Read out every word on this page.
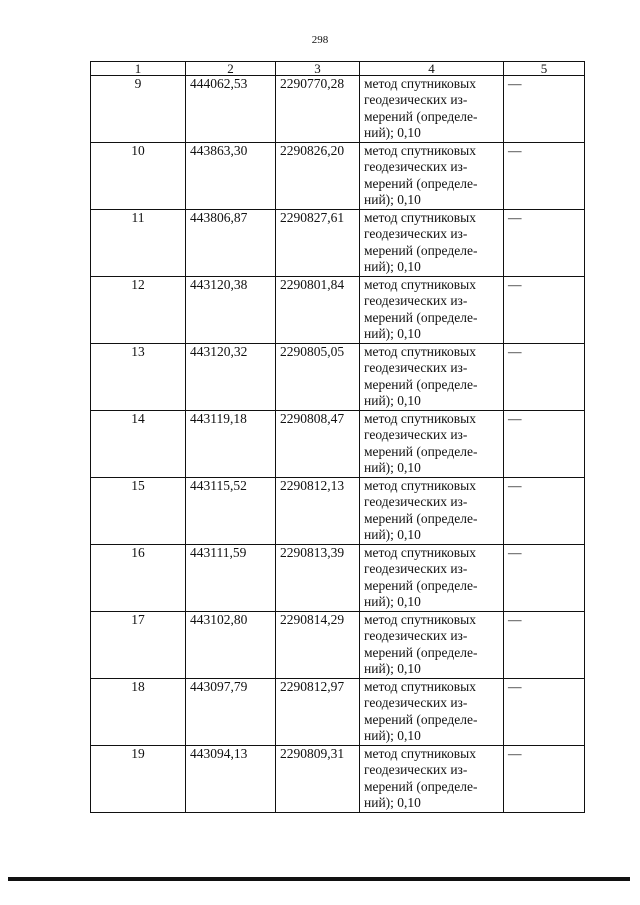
298
1	2	3	4	5
9	444062,53	2290770,28	метод спутниковых
геодезических из-
мерений (определе-
ний); 0,10	—
10	443863,30	2290826,20	метод спутниковых
геодезических из-
мерений (определе-
ний); 0,10	—
11	443806,87	2290827,61	метод спутниковых
геодезических из-
мерений (определе-
ний); 0,10	—
12	443120,38	2290801,84	метод спутниковых
геодезических из-
мерений (определе-
ний); 0,10	—
13	443120,32	2290805,05	метод спутниковых
геодезических из-
мерений (определе-
ний); 0,10	—
14	443119,18	2290808,47	метод спутниковых
геодезических из-
мерений (определе-
ний); 0,10	—
15	443115,52	2290812,13	метод спутниковых
геодезических из-
мерений (определе-
ний); 0,10	—
16	443111,59	2290813,39	метод спутниковых
геодезических из-
мерений (определе-
ний); 0,10	—
17	443102,80	2290814,29	метод спутниковых
геодезических из-
мерений (определе-
ний); 0,10	—
18	443097,79	2290812,97	метод спутниковых
геодезических из-
мерений (определе-
ний); 0,10	—
19	443094,13	2290809,31	метод спутниковых
геодезических из-
мерений (определе-
ний); 0,10	—
